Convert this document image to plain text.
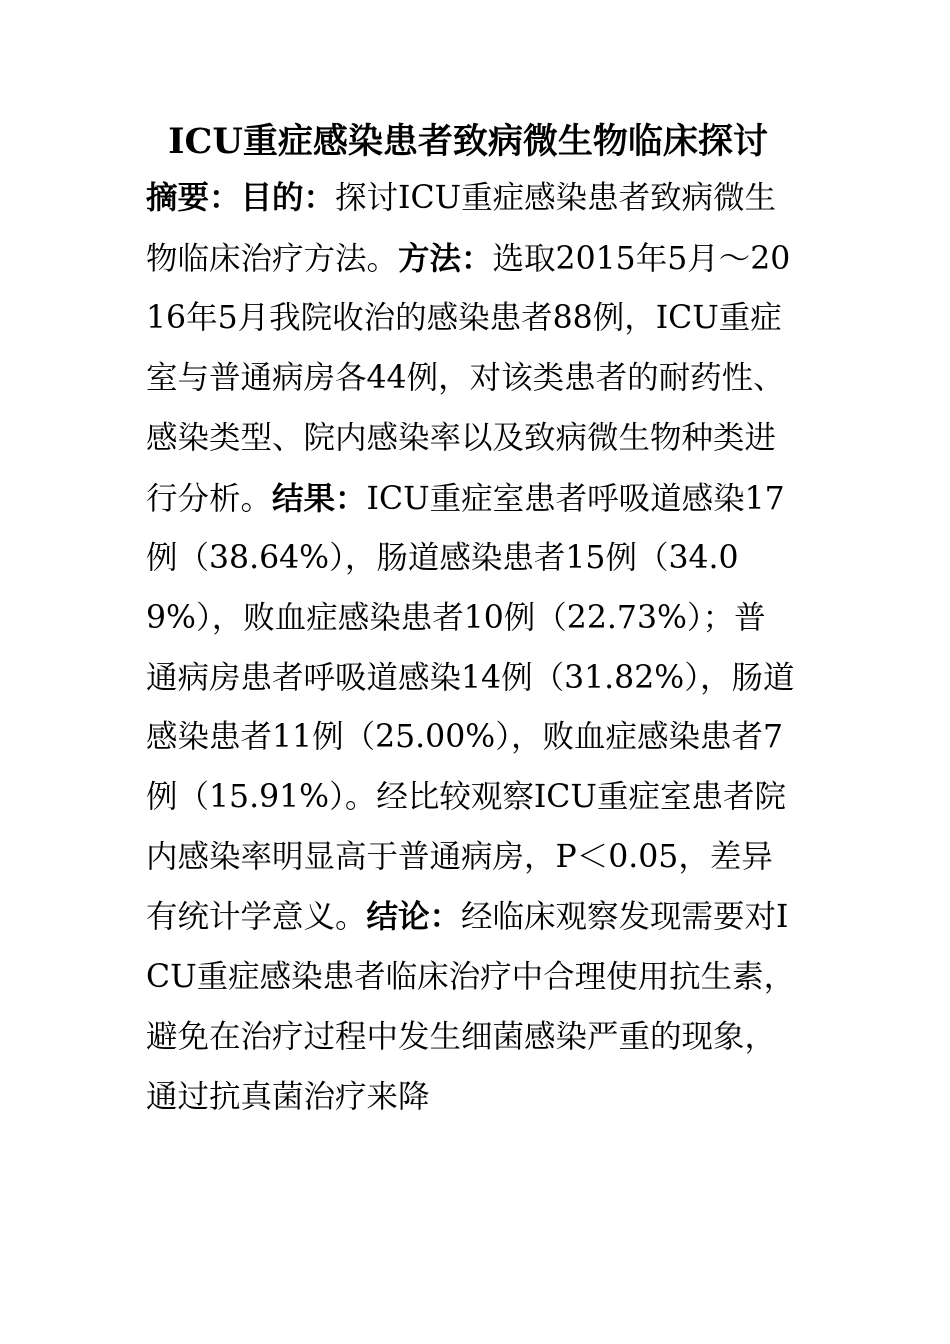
ICU重症感染患者致病微生物临床探讨

摘要：目的：探讨ICU重症感染患者致病微生物临床治疗方法。方法：选取2015年5月～2016年5月我院收治的感染患者88例，ICU重症室与普通病房各44例，对该类患者的耐药性、感染类型、院内感染率以及致病微生物种类进行分析。结果：ICU重症室患者呼吸道感染17例（38.64%），肠道感染患者15例（34.09%），败血症感染患者10例（22.73%）；普通病房患者呼吸道感染14例（31.82%），肠道感染患者11例（25.00%），败血症感染患者7例（15.91%）。经比较观察ICU重症室患者院内感染率明显高于普通病房，P＜0.05，差异有统计学意义。结论：经临床观察发现需要对ICU重症感染患者临床治疗中合理使用抗生素，避免在治疗过程中发生细菌感染严重的现象，通过抗真菌治疗来降
